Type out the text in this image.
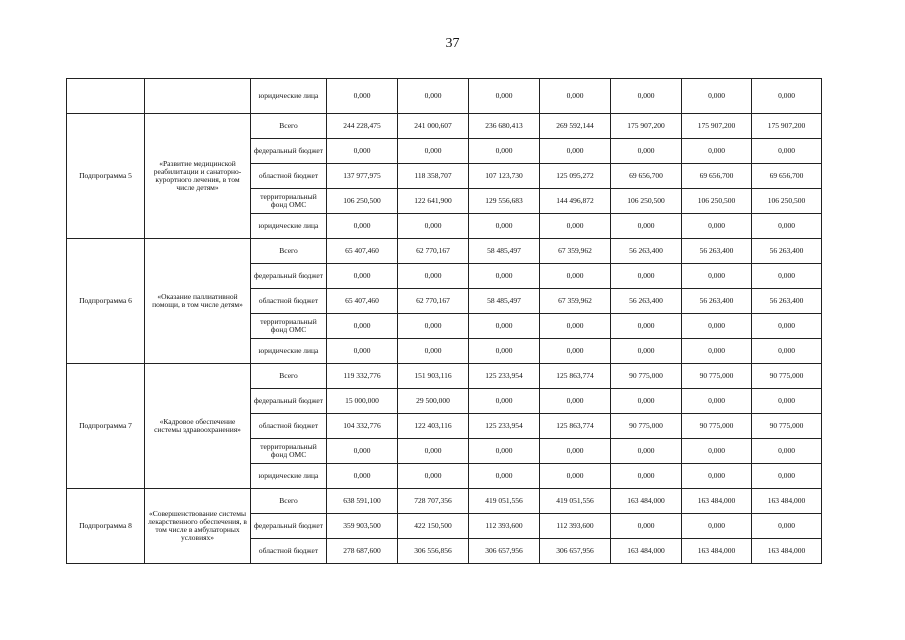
37
		юридические лица	0,000	0,000	0,000	0,000	0,000	0,000	0,000
Подпрограмма 5	«Развитие медицинской реабилитации и санаторно-курортного лечения, в том числе детям»	Всего	244 228,475	241 000,607	236 680,413	269 592,144	175 907,200	175 907,200	175 907,200
		федеральный бюджет	0,000	0,000	0,000	0,000	0,000	0,000	0,000
		областной бюджет	137 977,975	118 358,707	107 123,730	125 095,272	69 656,700	69 656,700	69 656,700
		территориальный фонд ОМС	106 250,500	122 641,900	129 556,683	144 496,872	106 250,500	106 250,500	106 250,500
		юридические лица	0,000	0,000	0,000	0,000	0,000	0,000	0,000
Подпрограмма 6	«Оказание паллиативной помощи, в том числе детям»	Всего	65 407,460	62 770,167	58 485,497	67 359,962	56 263,400	56 263,400	56 263,400
		федеральный бюджет	0,000	0,000	0,000	0,000	0,000	0,000	0,000
		областной бюджет	65 407,460	62 770,167	58 485,497	67 359,962	56 263,400	56 263,400	56 263,400
		территориальный фонд ОМС	0,000	0,000	0,000	0,000	0,000	0,000	0,000
		юридические лица	0,000	0,000	0,000	0,000	0,000	0,000	0,000
Подпрограмма 7	«Кадровое обеспечение системы здравоохранения»	Всего	119 332,776	151 903,116	125 233,954	125 863,774	90 775,000	90 775,000	90 775,000
		федеральный бюджет	15 000,000	29 500,000	0,000	0,000	0,000	0,000	0,000
		областной бюджет	104 332,776	122 403,116	125 233,954	125 863,774	90 775,000	90 775,000	90 775,000
		территориальный фонд ОМС	0,000	0,000	0,000	0,000	0,000	0,000	0,000
		юридические лица	0,000	0,000	0,000	0,000	0,000	0,000	0,000
Подпрограмма 8	«Совершенствование системы лекарственного обеспечения, в том числе в амбулаторных условиях»	Всего	638 591,100	728 707,356	419 051,556	419 051,556	163 484,000	163 484,000	163 484,000
		федеральный бюджет	359 903,500	422 150,500	112 393,600	112 393,600	0,000	0,000	0,000
		областной бюджет	278 687,600	306 556,856	306 657,956	306 657,956	163 484,000	163 484,000	163 484,000
